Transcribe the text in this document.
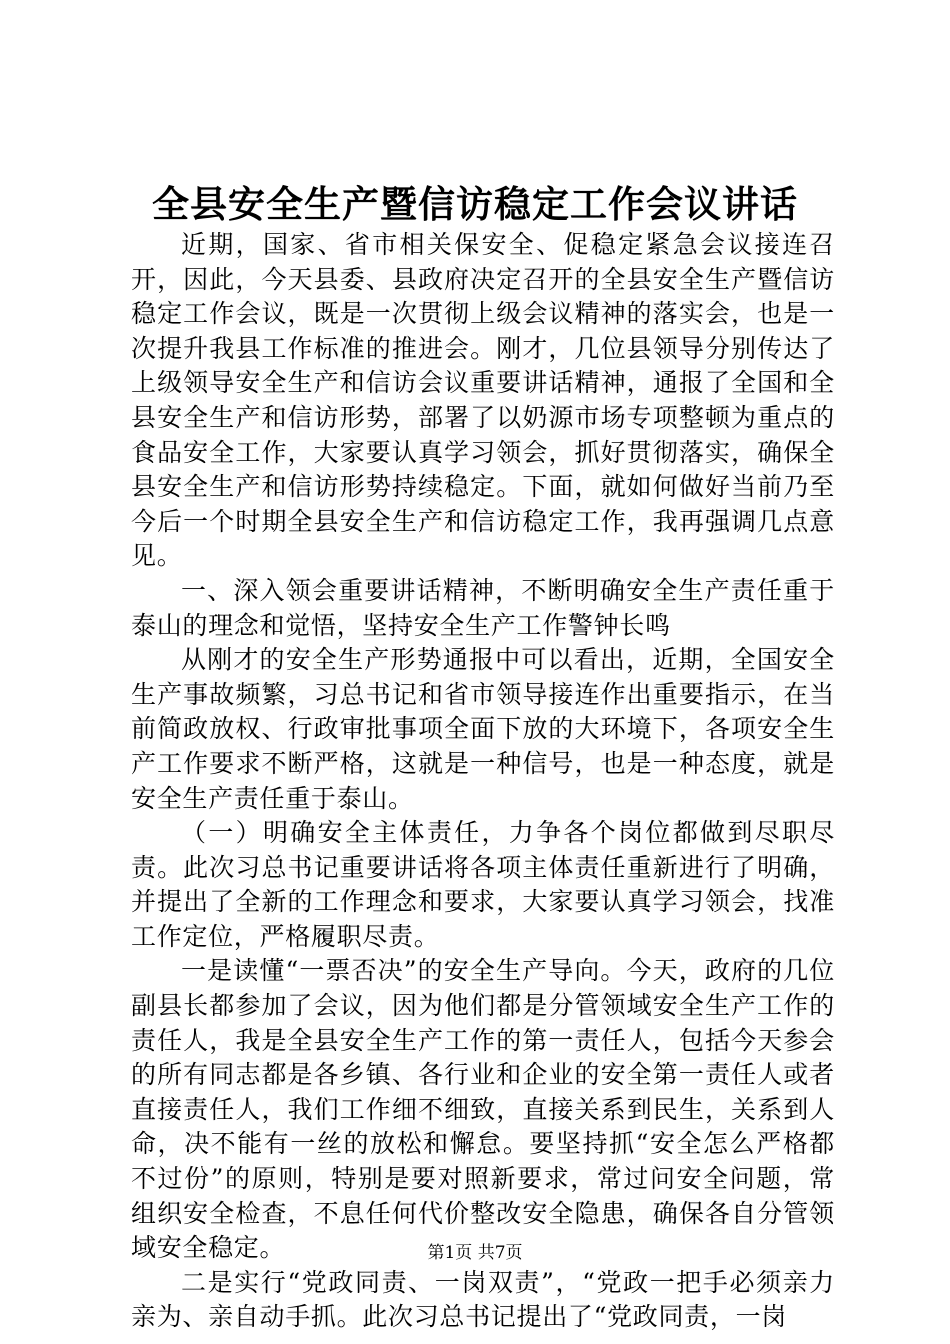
全县安全生产暨信访稳定工作会议讲话

近期，国家、省市相关保安全、促稳定紧急会议接连召开，因此，今天县委、县政府决定召开的全县安全生产暨信访稳定工作会议，既是一次贯彻上级会议精神的落实会，也是一次提升我县工作标准的推进会。刚才，几位县领导分别传达了上级领导安全生产和信访会议重要讲话精神，通报了全国和全县安全生产和信访形势，部署了以奶源市场专项整顿为重点的食品安全工作，大家要认真学习领会，抓好贯彻落实，确保全县安全生产和信访形势持续稳定。下面，就如何做好当前乃至今后一个时期全县安全生产和信访稳定工作，我再强调几点意见。

一、深入领会重要讲话精神，不断明确安全生产责任重于泰山的理念和觉悟，坚持安全生产工作警钟长鸣

从刚才的安全生产形势通报中可以看出，近期，全国安全生产事故频繁，习总书记和省市领导接连作出重要指示，在当前简政放权、行政审批事项全面下放的大环境下，各项安全生产工作要求不断严格，这就是一种信号，也是一种态度，就是安全生产责任重于泰山。

（一）明确安全主体责任，力争各个岗位都做到尽职尽责。此次习总书记重要讲话将各项主体责任重新进行了明确，并提出了全新的工作理念和要求，大家要认真学习领会，找准工作定位，严格履职尽责。

一是读懂“一票否决”的安全生产导向。今天，政府的几位副县长都参加了会议，因为他们都是分管领域安全生产工作的责任人，我是全县安全生产工作的第一责任人，包括今天参会的所有同志都是各乡镇、各行业和企业的安全第一责任人或者直接责任人，我们工作细不细致，直接关系到民生，关系到人命，决不能有一丝的放松和懈怠。要坚持抓“安全怎么严格都不过份”的原则，特别是要对照新要求，常过问安全问题，常组织安全检查，不息任何代价整改安全隐患，确保各自分管领域安全稳定。

二是实行“党政同责、一岗双责”，“党政一把手必须亲力亲为、亲自动手抓。此次习总书记提出了“党政同责，一岗

第1页 共7页
